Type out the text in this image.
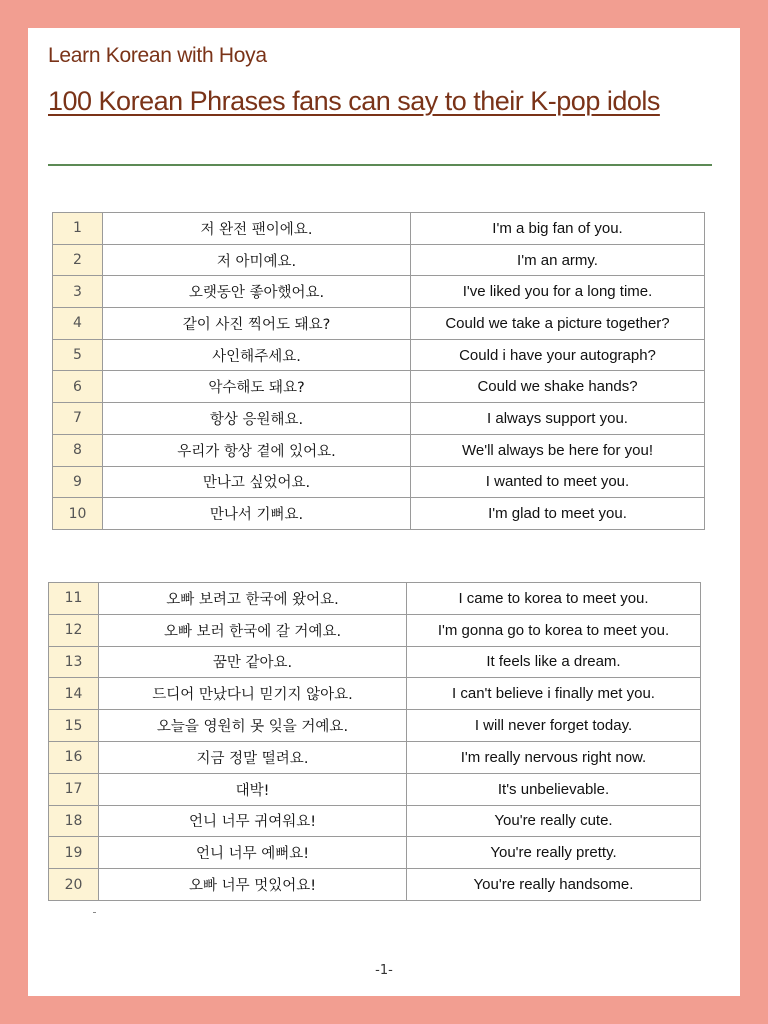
Learn Korean with Hoya
100 Korean Phrases fans can say to their K-pop idols
1	저 완전 팬이에요.	I'm a big fan of you.
2	저 아미예요.	I'm an army.
3	오랫동안 좋아했어요.	I've liked you for a long time.
4	같이 사진 찍어도 돼요?	Could we take a picture together?
5	사인해주세요.	Could i have your autograph?
6	악수해도 돼요?	Could we shake hands?
7	항상 응원해요.	I always support you.
8	우리가 항상 곁에 있어요.	We'll always be here for you!
9	만나고 싶었어요.	I wanted to meet you.
10	만나서 기뻐요.	I'm glad to meet you.
11	오빠 보려고 한국에 왔어요.	I came to korea to meet you.
12	오빠 보러 한국에 갈 거예요.	I'm gonna go to korea to meet you.
13	꿈만 같아요.	It feels like a dream.
14	드디어 만났다니 믿기지 않아요.	I can't believe i finally met you.
15	오늘을 영원히 못 잊을 거예요.	I will never forget today.
16	지금 정말 떨려요.	I'm really nervous right now.
17	대박!	It's unbelievable.
18	언니 너무 귀여워요!	You're really cute.
19	언니 너무 예뻐요!	You're really pretty.
20	오빠 너무 멋있어요!	You're really handsome.
-1-
